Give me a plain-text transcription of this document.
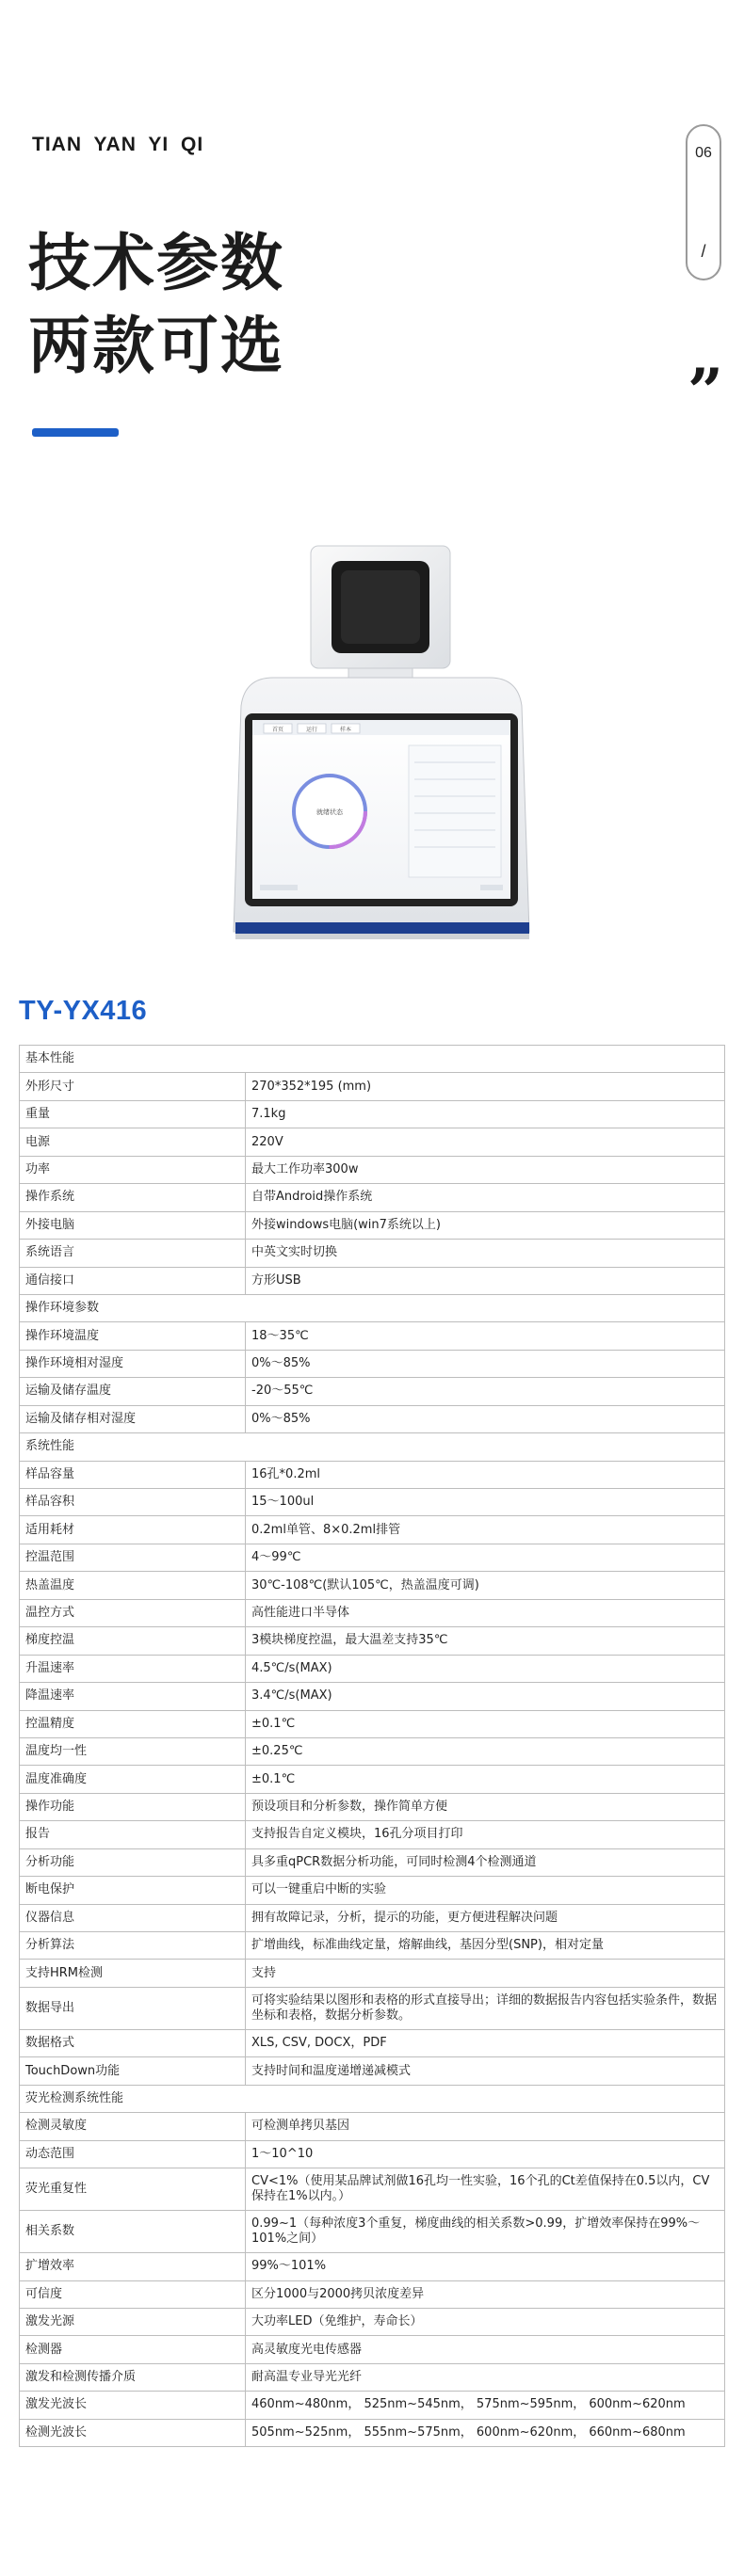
TIAN YAN YI QI	06
/
技术参数
两款可选
”
首页	运行	样本
就绪状态
TY-YX416
基本性能	
外形尺寸	270*352*195 (mm)
重量	7.1kg
电源	220V
功率	最大工作功率300w
操作系统	自带Android操作系统
外接电脑	外接windows电脑(win7系统以上)
系统语言	中英文实时切换
通信接口	方形USB
操作环境参数	
操作环境温度	18～35℃
操作环境相对湿度	0%～85%
运输及储存温度	-20～55℃
运输及储存相对湿度	0%～85%
系统性能	
样品容量	16孔*0.2ml
样品容积	15～100ul
适用耗材	0.2ml单管、8×0.2ml排管
控温范围	4～99℃
热盖温度	30℃-108℃(默认105℃，热盖温度可调)
温控方式	高性能进口半导体
梯度控温	3模块梯度控温，最大温差支持35℃
升温速率	4.5℃/s(MAX)
降温速率	3.4℃/s(MAX)
控温精度	±0.1℃
温度均一性	±0.25℃
温度准确度	±0.1℃
操作功能	预设项目和分析参数，操作简单方便
报告	支持报告自定义模块，16孔分项目打印
分析功能	具多重qPCR数据分析功能，可同时检测4个检测通道
断电保护	可以一键重启中断的实验
仪器信息	拥有故障记录，分析，提示的功能，更方便进程解决问题
分析算法	扩增曲线，标准曲线定量，熔解曲线，基因分型(SNP)，相对定量
支持HRM检测	支持
数据导出	可将实验结果以图形和表格的形式直接导出；详细的数据报告内容包括实验条件，数据坐标和表格，数据分析参数。
数据格式	XLS, CSV, DOCX，PDF
TouchDown功能	支持时间和温度递增递减模式
荧光检测系统性能	
检测灵敏度	可检测单拷贝基因
动态范围	1～10^10
荧光重复性	CV<1%（使用某品牌试剂做16孔均一性实验，16个孔的Ct差值保持在0.5以内，CV保持在1%以内。）
相关系数	0.99~1（每种浓度3个重复，梯度曲线的相关系数>0.99，扩增效率保持在99%～101%之间）
扩增效率	99%～101%
可信度	区分1000与2000拷贝浓度差异
激发光源	大功率LED（免维护，寿命长）
检测器	高灵敏度光电传感器
激发和检测传播介质	耐高温专业导光光纤
激发光波长	460nm~480nm， 525nm~545nm， 575nm~595nm， 600nm~620nm
检测光波长	505nm~525nm， 555nm~575nm， 600nm~620nm， 660nm~680nm
